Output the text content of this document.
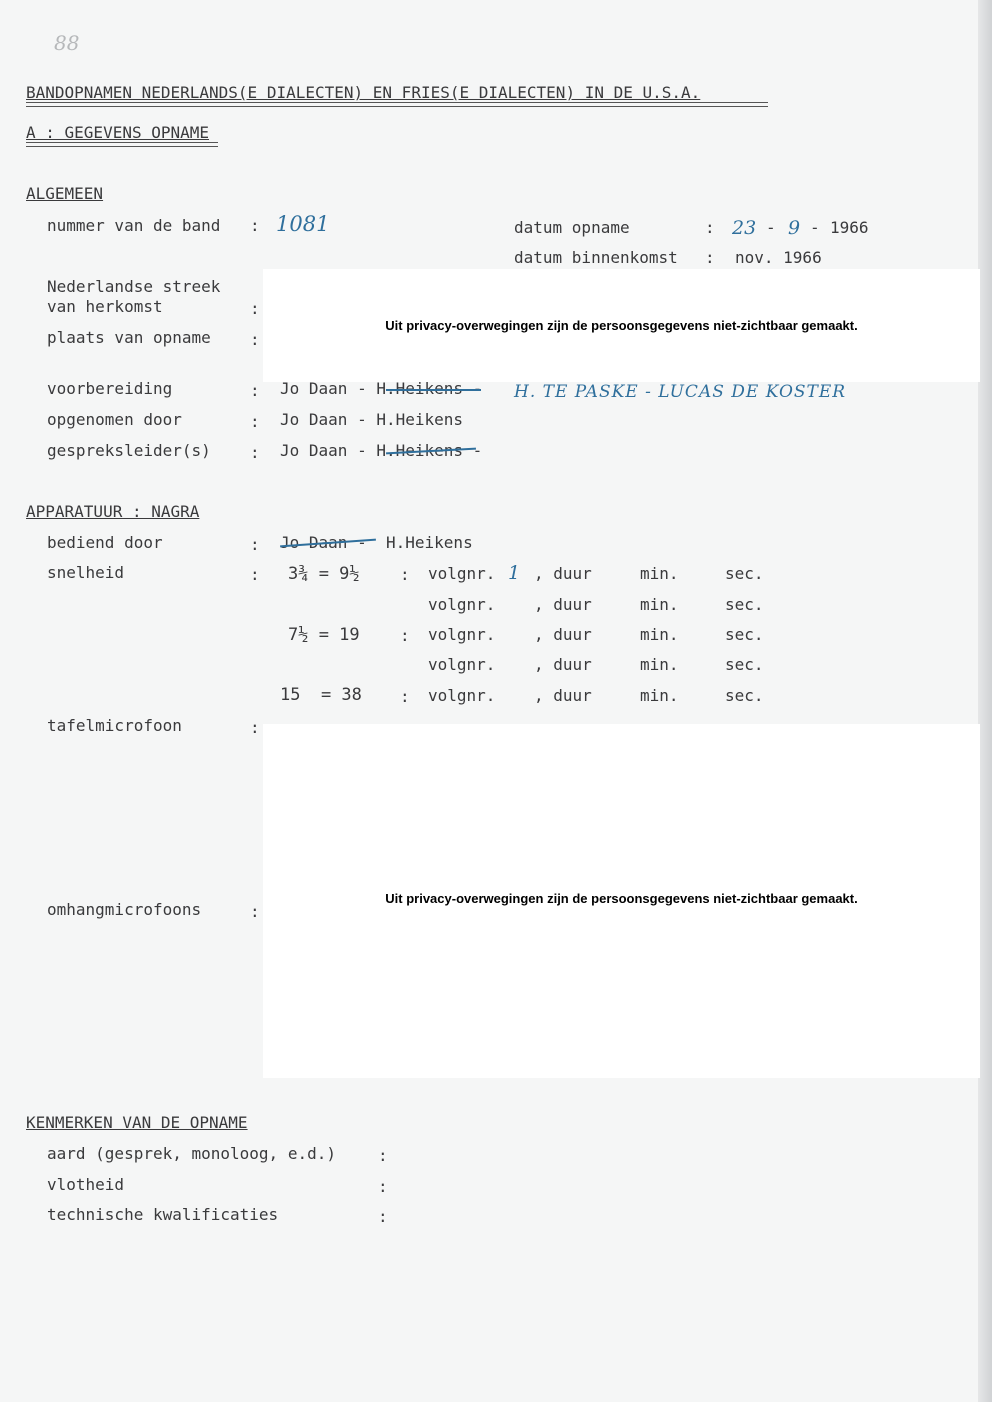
88
BANDOPNAMEN NEDERLANDS(E DIALECTEN) EN FRIES(E DIALECTEN) IN DE U.S.A.
A : GEGEVENS OPNAME
ALGEMEEN
nummer van de band : 1081	datum opname	: 23 - 9 - 1966
datum binnenkomst : nov. 1966
Nederlandse streek
van herkomst	:
plaats van opname :
Uit privacy-overwegingen zijn de persoonsgegevens niet-zichtbaar gemaakt.
voorbereiding	: Jo Daan - H.Heikens - H. TE PASKE - LUCAS DE KOSTER
opgenomen door	: Jo Daan - H.Heikens
gespreksleider(s) : Jo Daan - H.Heikens -
APPARATUUR : NAGRA
bediend door	: Jo Daan - H.Heikens
snelheid	: 3¾ = 9½	: volgnr. 1 , duur	min.	sec.
volgnr. , duur	min.	sec.
7½ = 19	: volgnr. , duur	min.	sec.
volgnr. , duur	min.	sec.
15  = 38 : volgnr. , duur	min.	sec.
tafelmicrofoon	:
omhangmicrofoons	:
Uit privacy-overwegingen zijn de persoonsgegevens niet-zichtbaar gemaakt.
KENMERKEN VAN DE OPNAME
aard (gesprek, monoloog, e.d.)	:
vlotheid	:
technische kwalificaties	:
